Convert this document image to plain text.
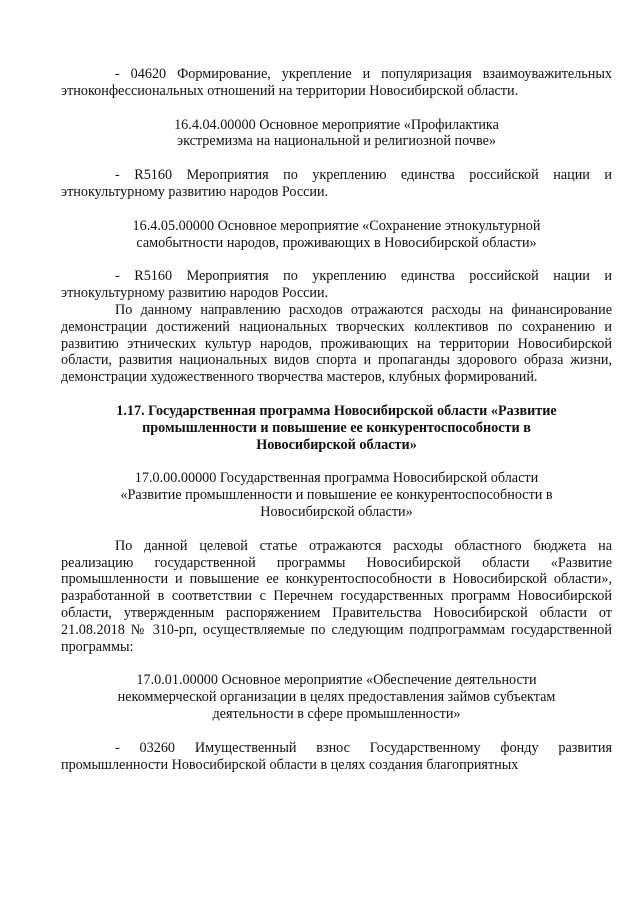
- 04620 Формирование, укрепление и популяризация взаимоуважительных этноконфессиональных отношений на территории Новосибирской области.

16.4.04.00000 Основное мероприятие «Профилактика
экстремизма на национальной и религиозной почве»

- R5160 Мероприятия по укреплению единства российской нации и этнокультурному развитию народов России.

16.4.05.00000 Основное мероприятие «Сохранение этнокультурной
самобытности народов, проживающих в Новосибирской области»

- R5160 Мероприятия по укреплению единства российской нации и этнокультурному развитию народов России.

По данному направлению расходов отражаются расходы на финансирование демонстрации достижений национальных творческих коллективов по сохранению и развитию этнических культур народов, проживающих на территории Новосибирской области, развития национальных видов спорта и пропаганды здорового образа жизни, демонстрации художественного творчества мастеров, клубных формирований.

1.17. Государственная программа Новосибирской области «Развитие
промышленности и повышение ее конкурентоспособности в
Новосибирской области»
17.0.00.00000 Государственная программа Новосибирской области
«Развитие промышленности и повышение ее конкурентоспособности в
Новосибирской области»

По данной целевой статье отражаются расходы областного бюджета на реализацию государственной программы Новосибирской области «Развитие промышленности и повышение ее конкурентоспособности в Новосибирской области», разработанной в соответствии с Перечнем государственных программ Новосибирской области, утвержденным распоряжением Правительства Новосибирской области от 21.08.2018 № 310-рп, осуществляемые по следующим подпрограммам государственной программы:

17.0.01.00000 Основное мероприятие «Обеспечение деятельности
некоммерческой организации в целях предоставления займов субъектам
деятельности в сфере промышленности»

- 03260 Имущественный взнос Государственному фонду развития промышленности Новосибирской области в целях создания благоприятных
